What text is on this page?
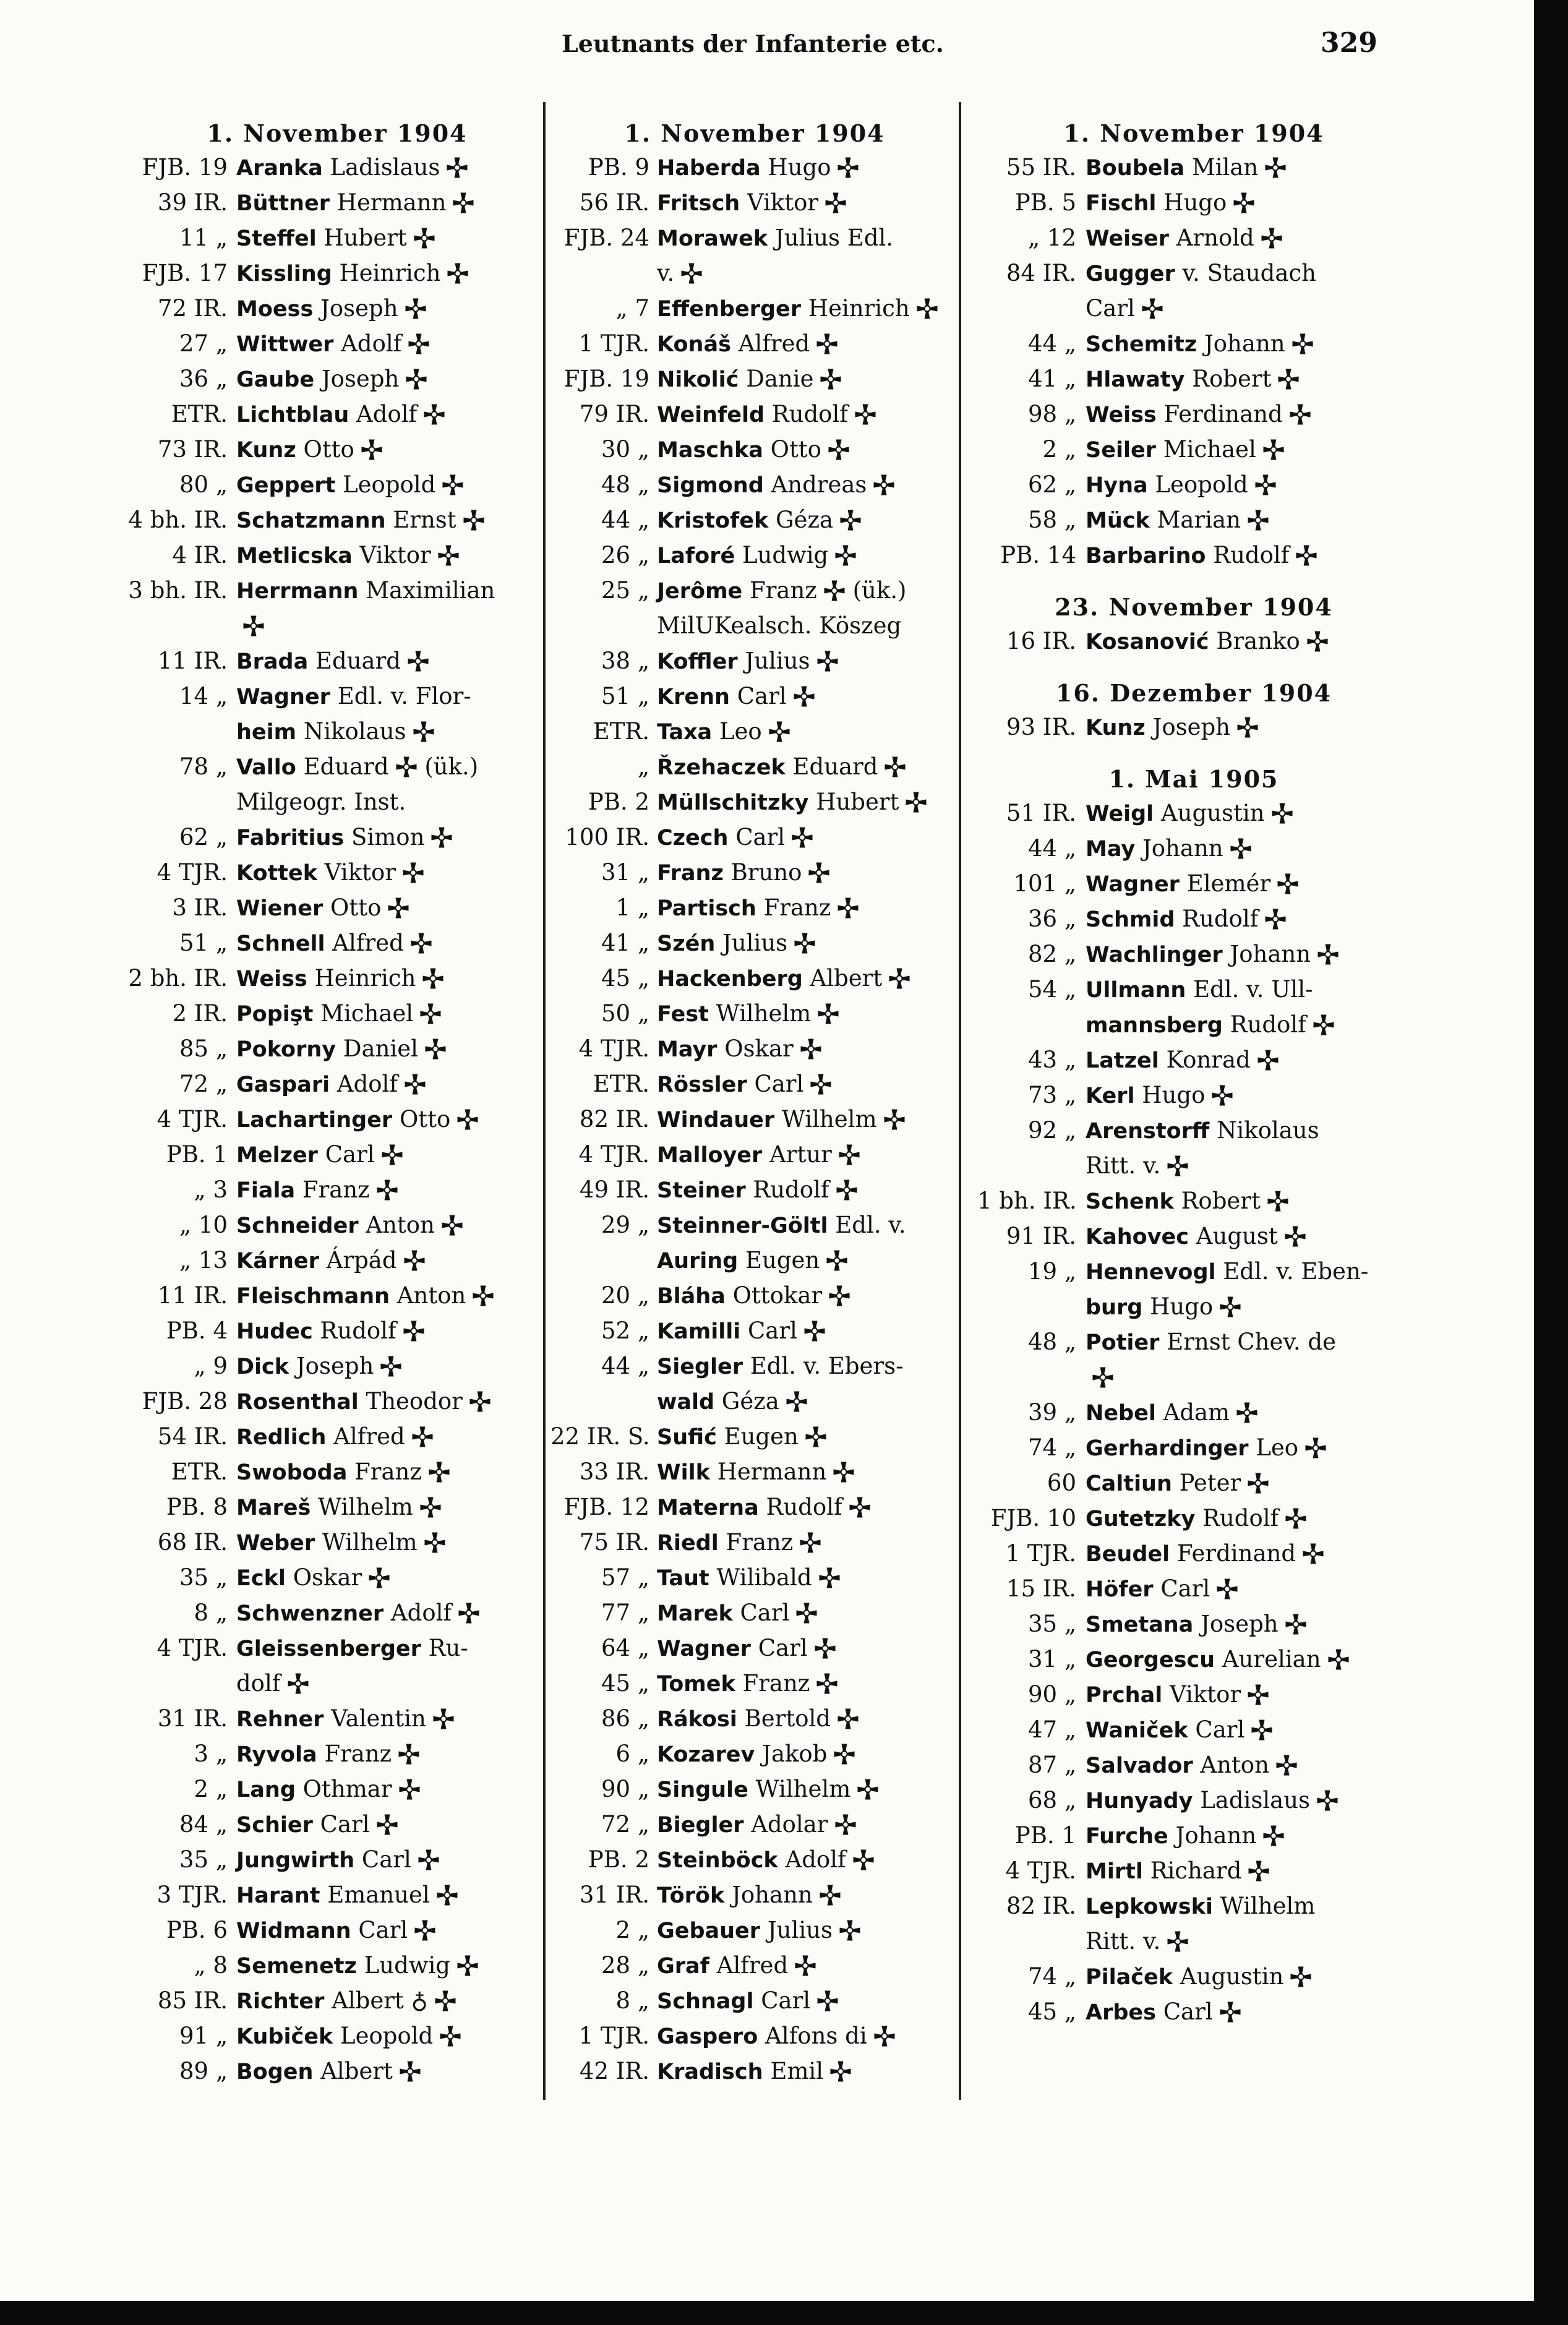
Leutnants der Infanterie etc.	329
1. November 1904
FJB. 19 Aranka Ladislaus
39 IR. Büttner Hermann
11 „ Steffel Hubert
FJB. 17 Kissling Heinrich
72 IR. Moess Joseph
27 „ Wittwer Adolf
36 „ Gaube Joseph
ETR. Lichtblau Adolf
73 IR. Kunz Otto
80 „ Geppert Leopold
4 bh. IR. Schatzmann Ernst
4 IR. Metlicska Viktor
3 bh. IR. Herrmann Maximilian
11 IR. Brada Eduard
14 „ Wagner Edl. v. Flor-
heim Nikolaus
78 „ Vallo Eduard (ük.)
Milgeogr. Inst.
62 „ Fabritius Simon
4 TJR. Kottek Viktor
3 IR. Wiener Otto
51 „ Schnell Alfred
2 bh. IR. Weiss Heinrich
2 IR. Popişt Michael
85 „ Pokorny Daniel
72 „ Gaspari Adolf
4 TJR. Lachartinger Otto
PB. 1 Melzer Carl
„ 3 Fiala Franz
„ 10 Schneider Anton
„ 13 Kárner Árpád
11 IR. Fleischmann Anton
PB. 4 Hudec Rudolf
„ 9 Dick Joseph
FJB. 28 Rosenthal Theodor
54 IR. Redlich Alfred
ETR. Swoboda Franz
PB. 8 Mareš Wilhelm
68 IR. Weber Wilhelm
35 „ Eckl Oskar
8 „ Schwenzner Adolf
4 TJR. Gleissenberger Ru-
dolf
31 IR. Rehner Valentin
3 „ Ryvola Franz
2 „ Lang Othmar
84 „ Schier Carl
35 „ Jungwirth Carl
3 TJR. Harant Emanuel
PB. 6 Widmann Carl
„ 8 Semenetz Ludwig
85 IR. Richter Albert ♁
91 „ Kubiček Leopold
89 „ Bogen Albert
1. November 1904
PB. 9 Haberda Hugo
56 IR. Fritsch Viktor
FJB. 24 Morawek Julius Edl.
v.
„ 7 Effenberger Heinrich
1 TJR. Konáš Alfred
FJB. 19 Nikolić Danie
79 IR. Weinfeld Rudolf
30 „ Maschka Otto
48 „ Sigmond Andreas
44 „ Kristofek Géza
26 „ Laforé Ludwig
25 „ Jerôme Franz (ük.)
MilUKealsch. Köszeg
38 „ Koffler Julius
51 „ Krenn Carl
ETR. Taxa Leo
„ Řzehaczek Eduard
PB. 2 Müllschitzky Hubert
100 IR. Czech Carl
31 „ Franz Bruno
1 „ Partisch Franz
41 „ Szén Julius
45 „ Hackenberg Albert
50 „ Fest Wilhelm
4 TJR. Mayr Oskar
ETR. Rössler Carl
82 IR. Windauer Wilhelm
4 TJR. Malloyer Artur
49 IR. Steiner Rudolf
29 „ Steinner-Göltl Edl. v.
Auring Eugen
20 „ Bláha Ottokar
52 „ Kamilli Carl
44 „ Siegler Edl. v. Ebers-
wald Géza
22 IR. S. Sufić Eugen
33 IR. Wilk Hermann
FJB. 12 Materna Rudolf
75 IR. Riedl Franz
57 „ Taut Wilibald
77 „ Marek Carl
64 „ Wagner Carl
45 „ Tomek Franz
86 „ Rákosi Bertold
6 „ Kozarev Jakob
90 „ Singule Wilhelm
72 „ Biegler Adolar
PB. 2 Steinböck Adolf
31 IR. Török Johann
2 „ Gebauer Julius
28 „ Graf Alfred
8 „ Schnagl Carl
1 TJR. Gaspero Alfons di
42 IR. Kradisch Emil
1. November 1904
55 IR. Boubela Milan
PB. 5 Fischl Hugo
„ 12 Weiser Arnold
84 IR. Gugger v. Staudach
Carl
44 „ Schemitz Johann
41 „ Hlawaty Robert
98 „ Weiss Ferdinand
2 „ Seiler Michael
62 „ Hyna Leopold
58 „ Mück Marian
PB. 14 Barbarino Rudolf
23. November 1904
16 IR. Kosanović Branko
16. Dezember 1904
93 IR. Kunz Joseph
1. Mai 1905
51 IR. Weigl Augustin
44 „ May Johann
101 „ Wagner Elemér
36 „ Schmid Rudolf
82 „ Wachlinger Johann
54 „ Ullmann Edl. v. Ull-
mannsberg Rudolf
43 „ Latzel Konrad
73 „ Kerl Hugo
92 „ Arenstorff Nikolaus
Ritt. v.
1 bh. IR. Schenk Robert
91 IR. Kahovec August
19 „ Hennevogl Edl. v. Eben-
burg Hugo
48 „ Potier Ernst Chev. de
39 „ Nebel Adam
74 „ Gerhardinger Leo
60 Caltiun Peter
FJB. 10 Gutetzky Rudolf
1 TJR. Beudel Ferdinand
15 IR. Höfer Carl
35 „ Smetana Joseph
31 „ Georgescu Aurelian
90 „ Prchal Viktor
47 „ Waniček Carl
87 „ Salvador Anton
68 „ Hunyady Ladislaus
PB. 1 Furche Johann
4 TJR. Mirtl Richard
82 IR. Lepkowski Wilhelm
Ritt. v.
74 „ Pilaček Augustin
45 „ Arbes Carl
